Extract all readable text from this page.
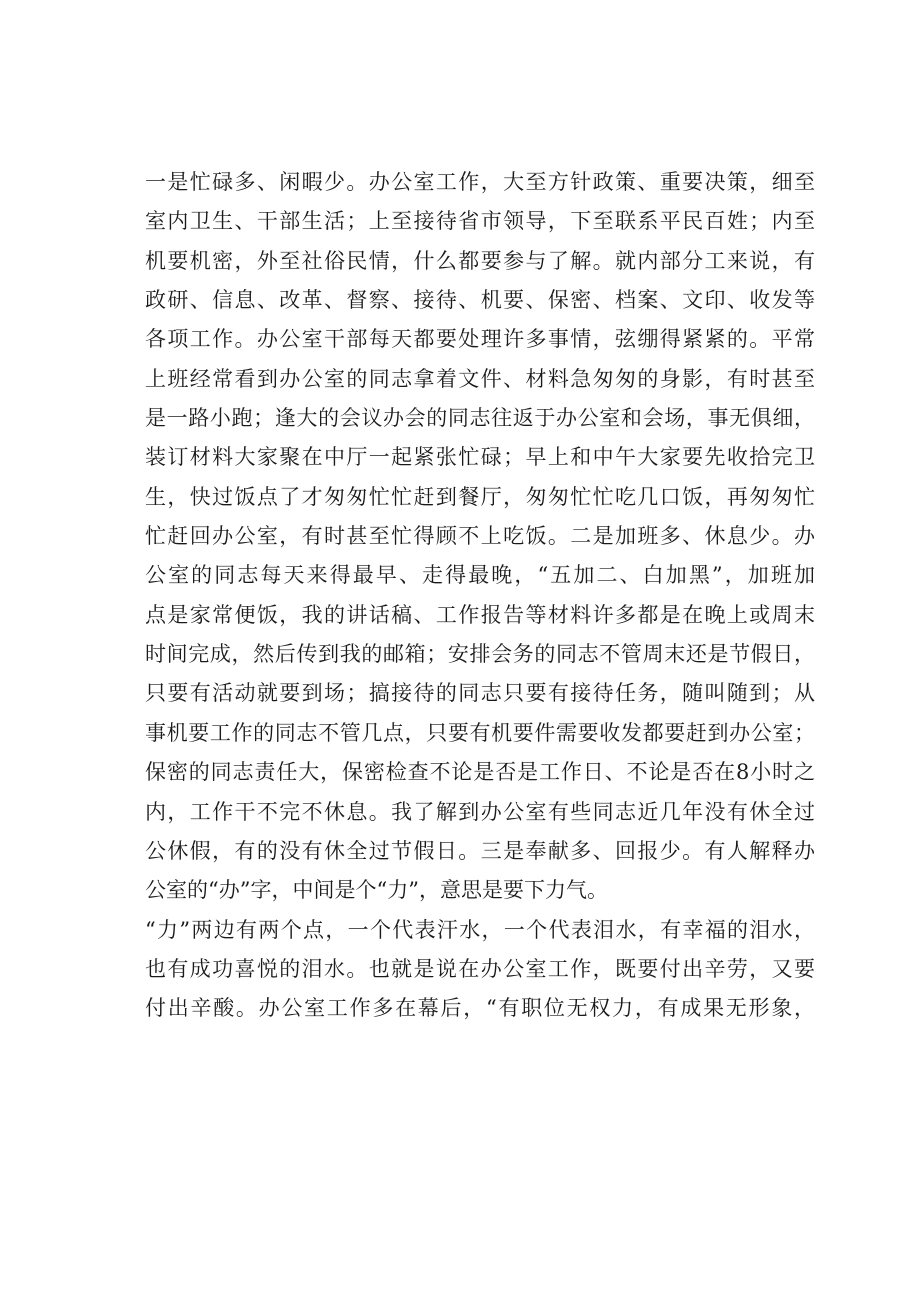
一是忙碌多、闲暇少。办公室工作，大至方针政策、重要决策，细至
室内卫生、干部生活；上至接待省市领导，下至联系平民百姓；内至
机要机密，外至社俗民情，什么都要参与了解。就内部分工来说，有
政研、信息、改革、督察、接待、机要、保密、档案、文印、收发等
各项工作。办公室干部每天都要处理许多事情，弦绷得紧紧的。平常
上班经常看到办公室的同志拿着文件、材料急匆匆的身影，有时甚至
是一路小跑；逢大的会议办会的同志往返于办公室和会场，事无俱细，
装订材料大家聚在中厅一起紧张忙碌；早上和中午大家要先收拾完卫
生，快过饭点了才匆匆忙忙赶到餐厅，匆匆忙忙吃几口饭，再匆匆忙
忙赶回办公室，有时甚至忙得顾不上吃饭。二是加班多、休息少。办
公室的同志每天来得最早、走得最晚，“五加二、白加黑”，加班加
点是家常便饭，我的讲话稿、工作报告等材料许多都是在晚上或周末
时间完成，然后传到我的邮箱；安排会务的同志不管周末还是节假日，
只要有活动就要到场；搞接待的同志只要有接待任务，随叫随到；从
事机要工作的同志不管几点，只要有机要件需要收发都要赶到办公室；
保密的同志责任大，保密检查不论是否是工作日、不论是否在8小时之
内，工作干不完不休息。我了解到办公室有些同志近几年没有休全过
公休假，有的没有休全过节假日。三是奉献多、回报少。有人解释办
公室的“办”字，中间是个“力”，意思是要下力气。
“力”两边有两个点，一个代表汗水，一个代表泪水，有幸福的泪水，
也有成功喜悦的泪水。也就是说在办公室工作，既要付出辛劳，又要
付出辛酸。办公室工作多在幕后，“有职位无权力，有成果无形象，
